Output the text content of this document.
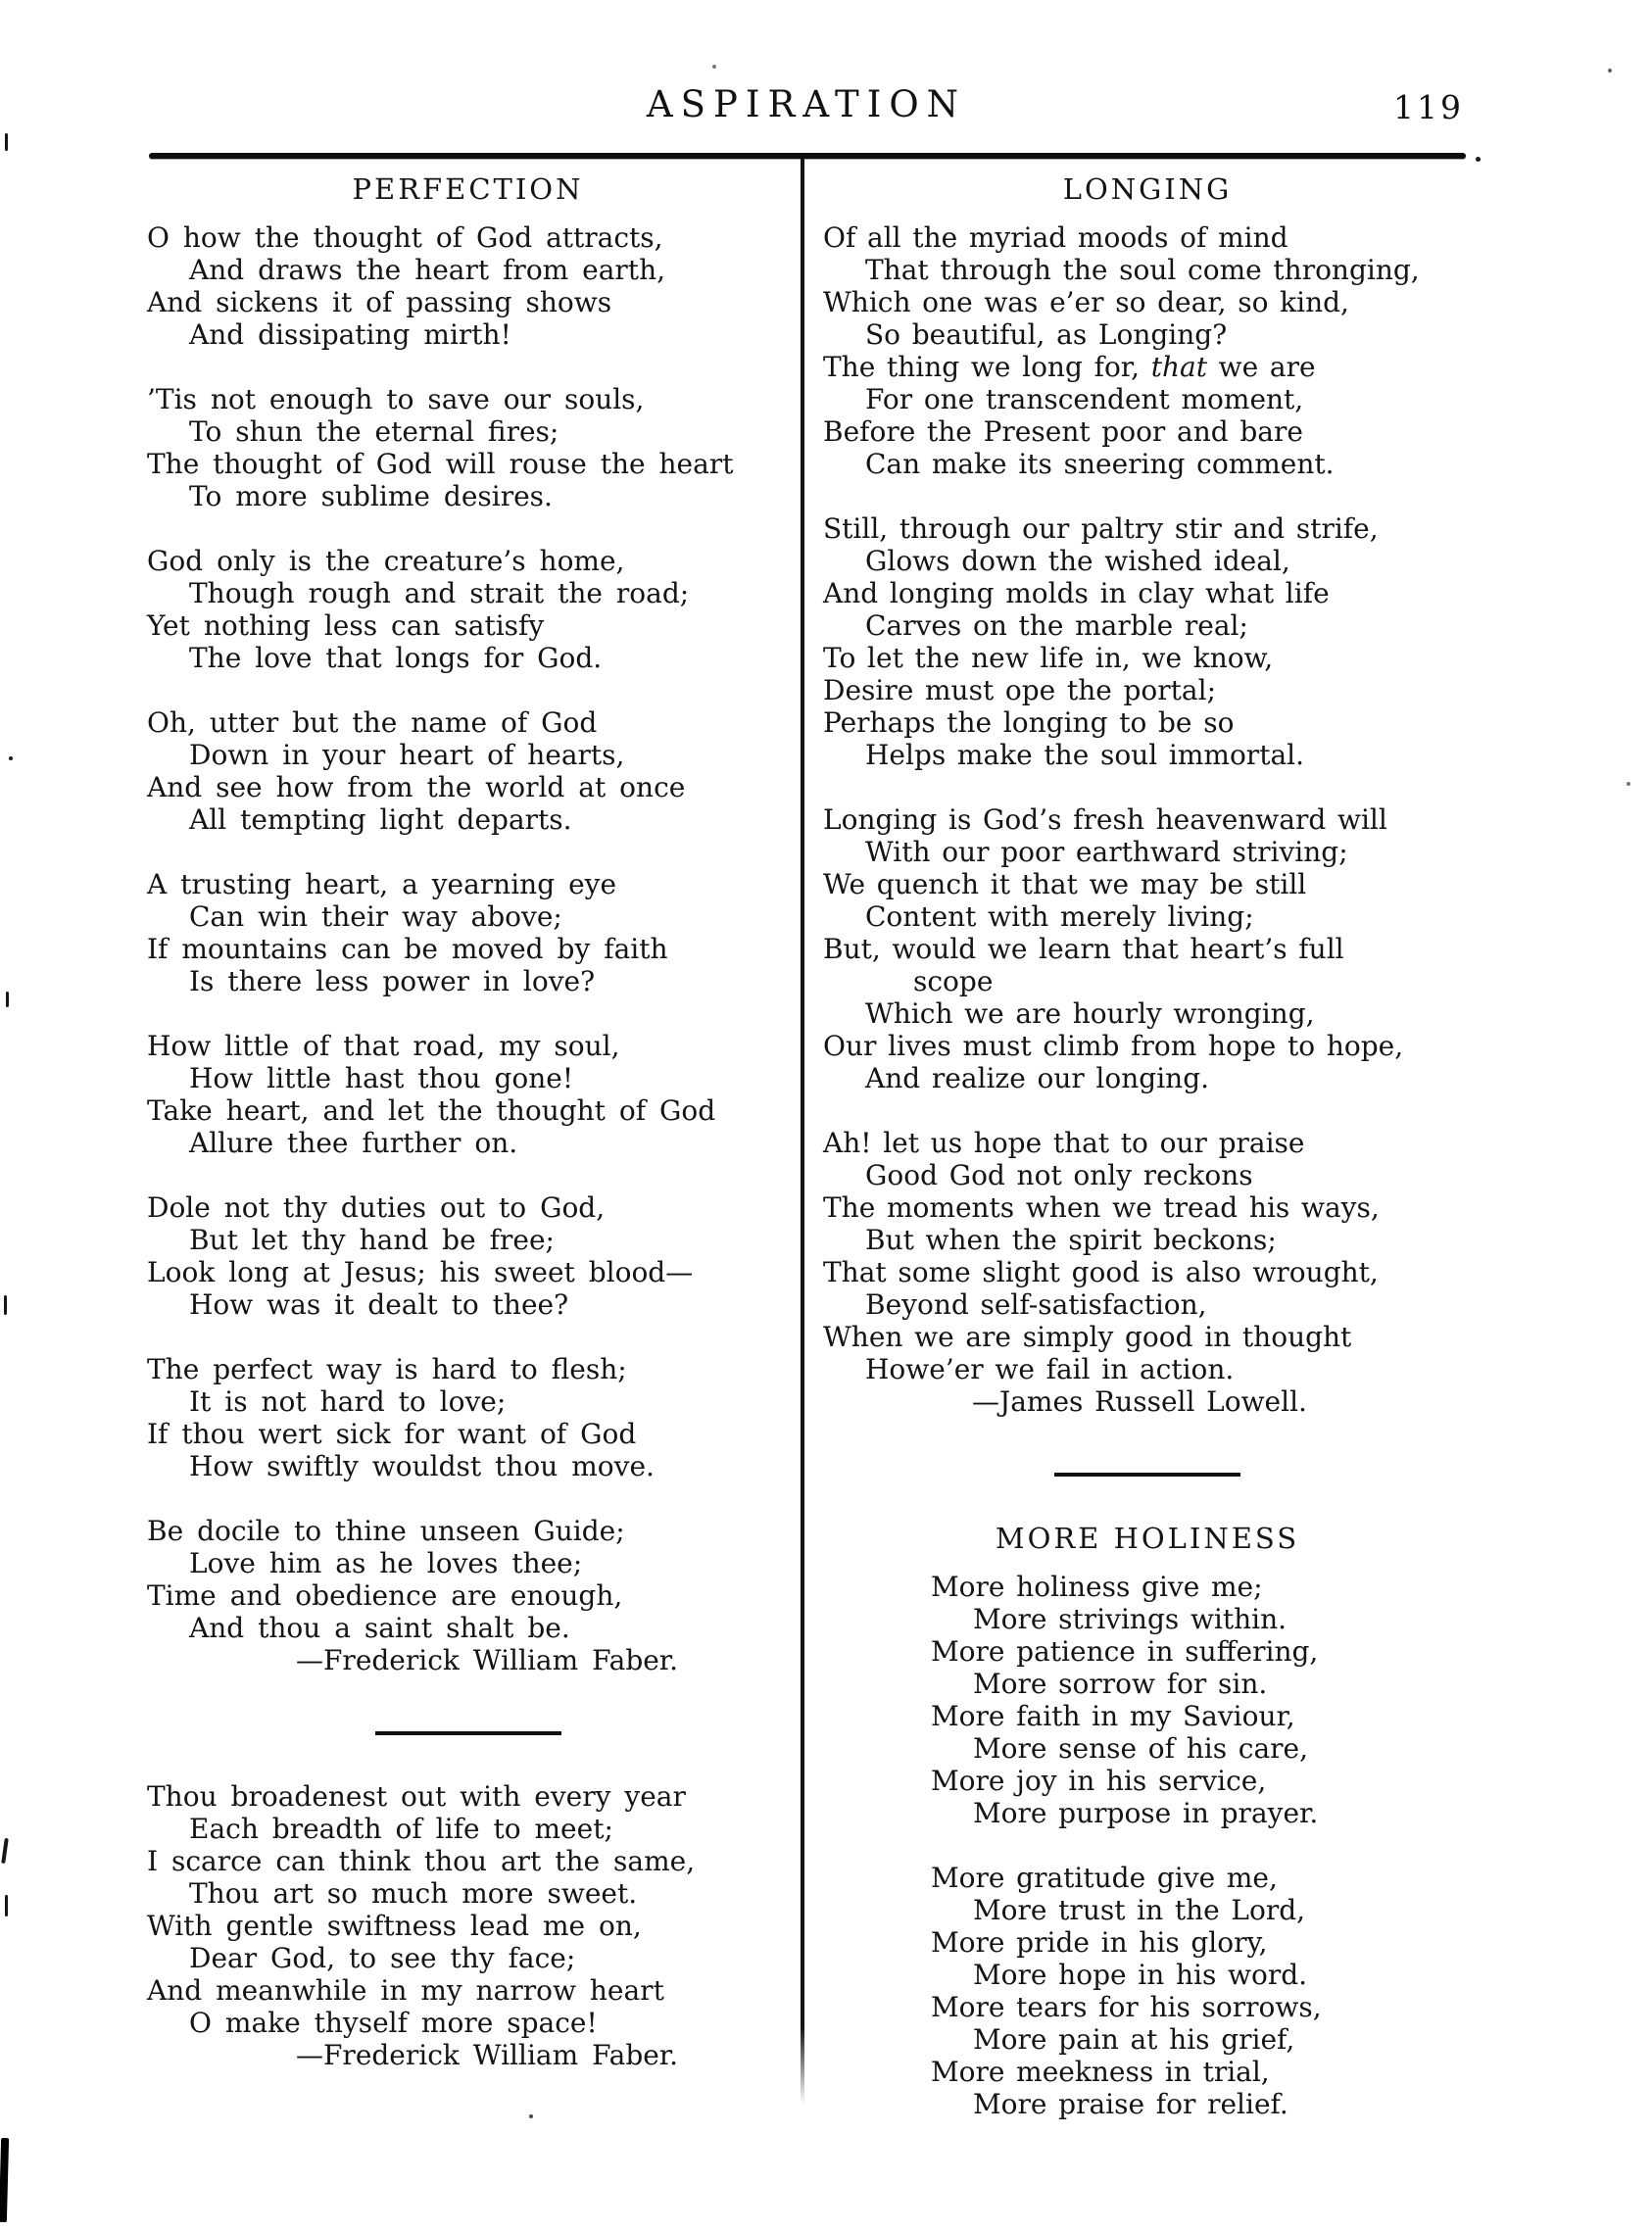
ASPIRATION	119
PERFECTION
O how the thought of God attracts,
And draws the heart from earth,
And sickens it of passing shows
And dissipating mirth!
’Tis not enough to save our souls,
To shun the eternal fires;
The thought of God will rouse the heart
To more sublime desires.
God only is the creature’s home,
Though rough and strait the road;
Yet nothing less can satisfy
The love that longs for God.
Oh, utter but the name of God
Down in your heart of hearts,
And see how from the world at once
All tempting light departs.
A trusting heart, a yearning eye
Can win their way above;
If mountains can be moved by faith
Is there less power in love?
How little of that road, my soul,
How little hast thou gone!
Take heart, and let the thought of God
Allure thee further on.
Dole not thy duties out to God,
But let thy hand be free;
Look long at Jesus; his sweet blood—
How was it dealt to thee?
The perfect way is hard to flesh;
It is not hard to love;
If thou wert sick for want of God
How swiftly wouldst thou move.
Be docile to thine unseen Guide;
Love him as he loves thee;
Time and obedience are enough,
And thou a saint shalt be.
—Frederick William Faber.
Thou broadenest out with every year
Each breadth of life to meet;
I scarce can think thou art the same,
Thou art so much more sweet.
With gentle swiftness lead me on,
Dear God, to see thy face;
And meanwhile in my narrow heart
O make thyself more space!
—Frederick William Faber.
LONGING
Of all the myriad moods of mind
That through the soul come thronging,
Which one was e’er so dear, so kind,
So beautiful, as Longing?
The thing we long for, that we are
For one transcendent moment,
Before the Present poor and bare
Can make its sneering comment.
Still, through our paltry stir and strife,
Glows down the wished ideal,
And longing molds in clay what life
Carves on the marble real;
To let the new life in, we know,
Desire must ope the portal;
Perhaps the longing to be so
Helps make the soul immortal.
Longing is God’s fresh heavenward will
With our poor earthward striving;
We quench it that we may be still
Content with merely living;
But, would we learn that heart’s full
scope
Which we are hourly wronging,
Our lives must climb from hope to hope,
And realize our longing.
Ah! let us hope that to our praise
Good God not only reckons
The moments when we tread his ways,
But when the spirit beckons;
That some slight good is also wrought,
Beyond self-satisfaction,
When we are simply good in thought
Howe’er we fail in action.
—James Russell Lowell.
MORE HOLINESS
More holiness give me;
More strivings within.
More patience in suffering,
More sorrow for sin.
More faith in my Saviour,
More sense of his care,
More joy in his service,
More purpose in prayer.
More gratitude give me,
More trust in the Lord,
More pride in his glory,
More hope in his word.
More tears for his sorrows,
More pain at his grief,
More meekness in trial,
More praise for relief.
